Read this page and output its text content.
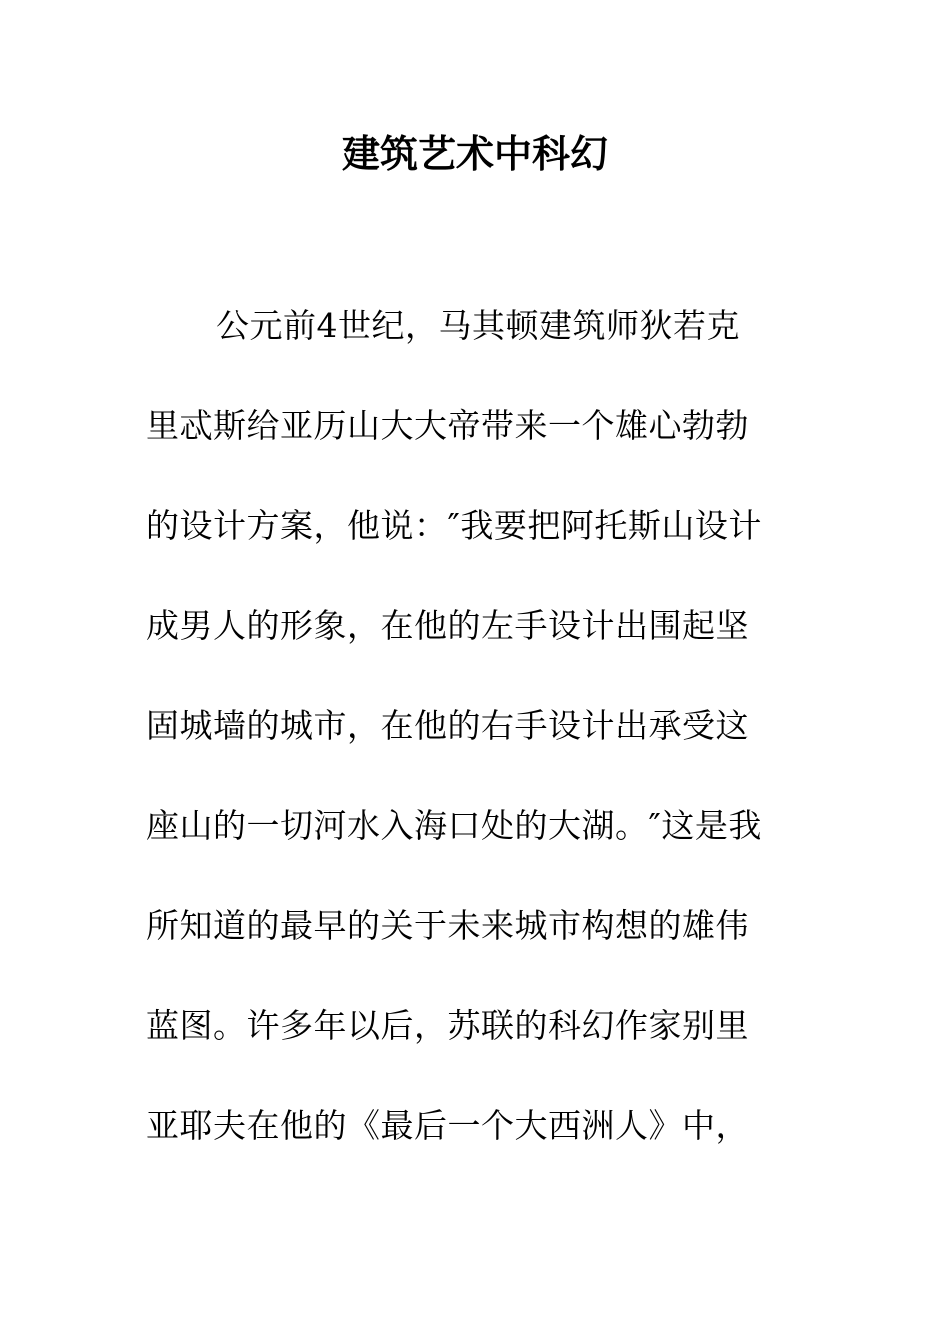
建筑艺术中科幻
公元前4世纪，马其顿建筑师狄若克
里忒斯给亚历山大大帝带来一个雄心勃勃
的设计方案，他说：″我要把阿托斯山设计
成男人的形象，在他的左手设计出围起坚
固城墙的城市，在他的右手设计出承受这
座山的一切河水入海口处的大湖。″这是我
所知道的最早的关于未来城市构想的雄伟
蓝图。许多年以后，苏联的科幻作家别里
亚耶夫在他的《最后一个大西洲人》中，
